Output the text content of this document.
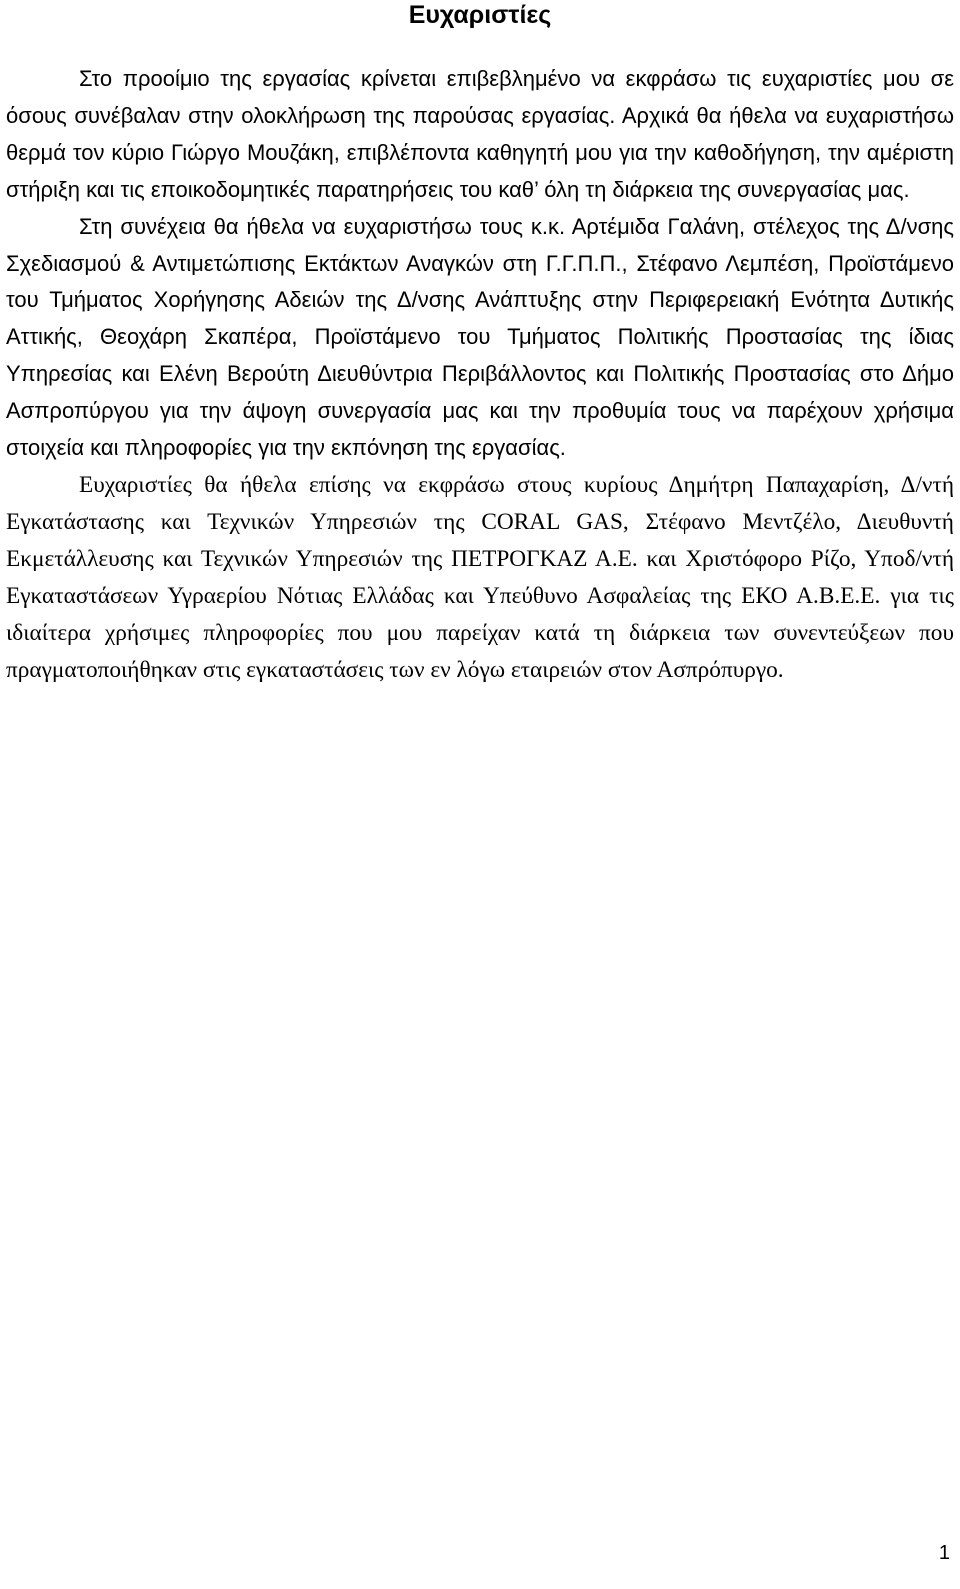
Ευχαριστίες

Στο προοίμιο της εργασίας κρίνεται επιβεβλημένο να εκφράσω τις ευχαριστίες μου σε όσους συνέβαλαν στην ολοκλήρωση της παρούσας εργασίας. Αρχικά θα ήθελα να ευχαριστήσω θερμά τον κύριο Γιώργο Μουζάκη, επιβλέποντα καθηγητή μου για την καθοδήγηση, την αμέριστη στήριξη και τις εποικοδομητικές παρατηρήσεις του καθ’ όλη τη διάρκεια της συνεργασίας μας.

Στη συνέχεια θα ήθελα να ευχαριστήσω τους κ.κ. Αρτέμιδα Γαλάνη, στέλεχος της Δ/νσης Σχεδιασμού & Αντιμετώπισης Εκτάκτων Αναγκών στη Γ.Γ.Π.Π., Στέφανο Λεμπέση, Προϊστάμενο του Τμήματος Χορήγησης Αδειών της Δ/νσης Ανάπτυξης στην Περιφερειακή Ενότητα Δυτικής Αττικής, Θεοχάρη Σκαπέρα, Προϊστάμενο του Τμήματος Πολιτικής Προστασίας της ίδιας Υπηρεσίας και Ελένη Βερούτη Διευθύντρια Περιβάλλοντος και Πολιτικής Προστασίας στο Δήμο Ασπροπύργου για την άψογη συνεργασία μας και την προθυμία τους να παρέχουν χρήσιμα στοιχεία και πληροφορίες για την εκπόνηση της εργασίας.

Ευχαριστίες θα ήθελα επίσης να εκφράσω στους κυρίους Δημήτρη Παπαχαρίση, Δ/ντή Εγκατάστασης και Τεχνικών Υπηρεσιών της CORAL GAS, Στέφανο Μεντζέλο, Διευθυντή Εκμετάλλευσης και Τεχνικών Υπηρεσιών της ΠΕΤΡΟΓΚΑΖ Α.Ε. και Χριστόφορο Ρίζο, Υποδ/ντή Εγκαταστάσεων Υγραερίου Νότιας Ελλάδας και Υπεύθυνο Ασφαλείας της ΕΚΟ Α.Β.Ε.Ε. για τις ιδιαίτερα χρήσιμες πληροφορίες που μου παρείχαν κατά τη διάρκεια των συνεντεύξεων που πραγματοποιήθηκαν στις εγκαταστάσεις των εν λόγω εταιρειών στον Ασπρόπυργο.

1
